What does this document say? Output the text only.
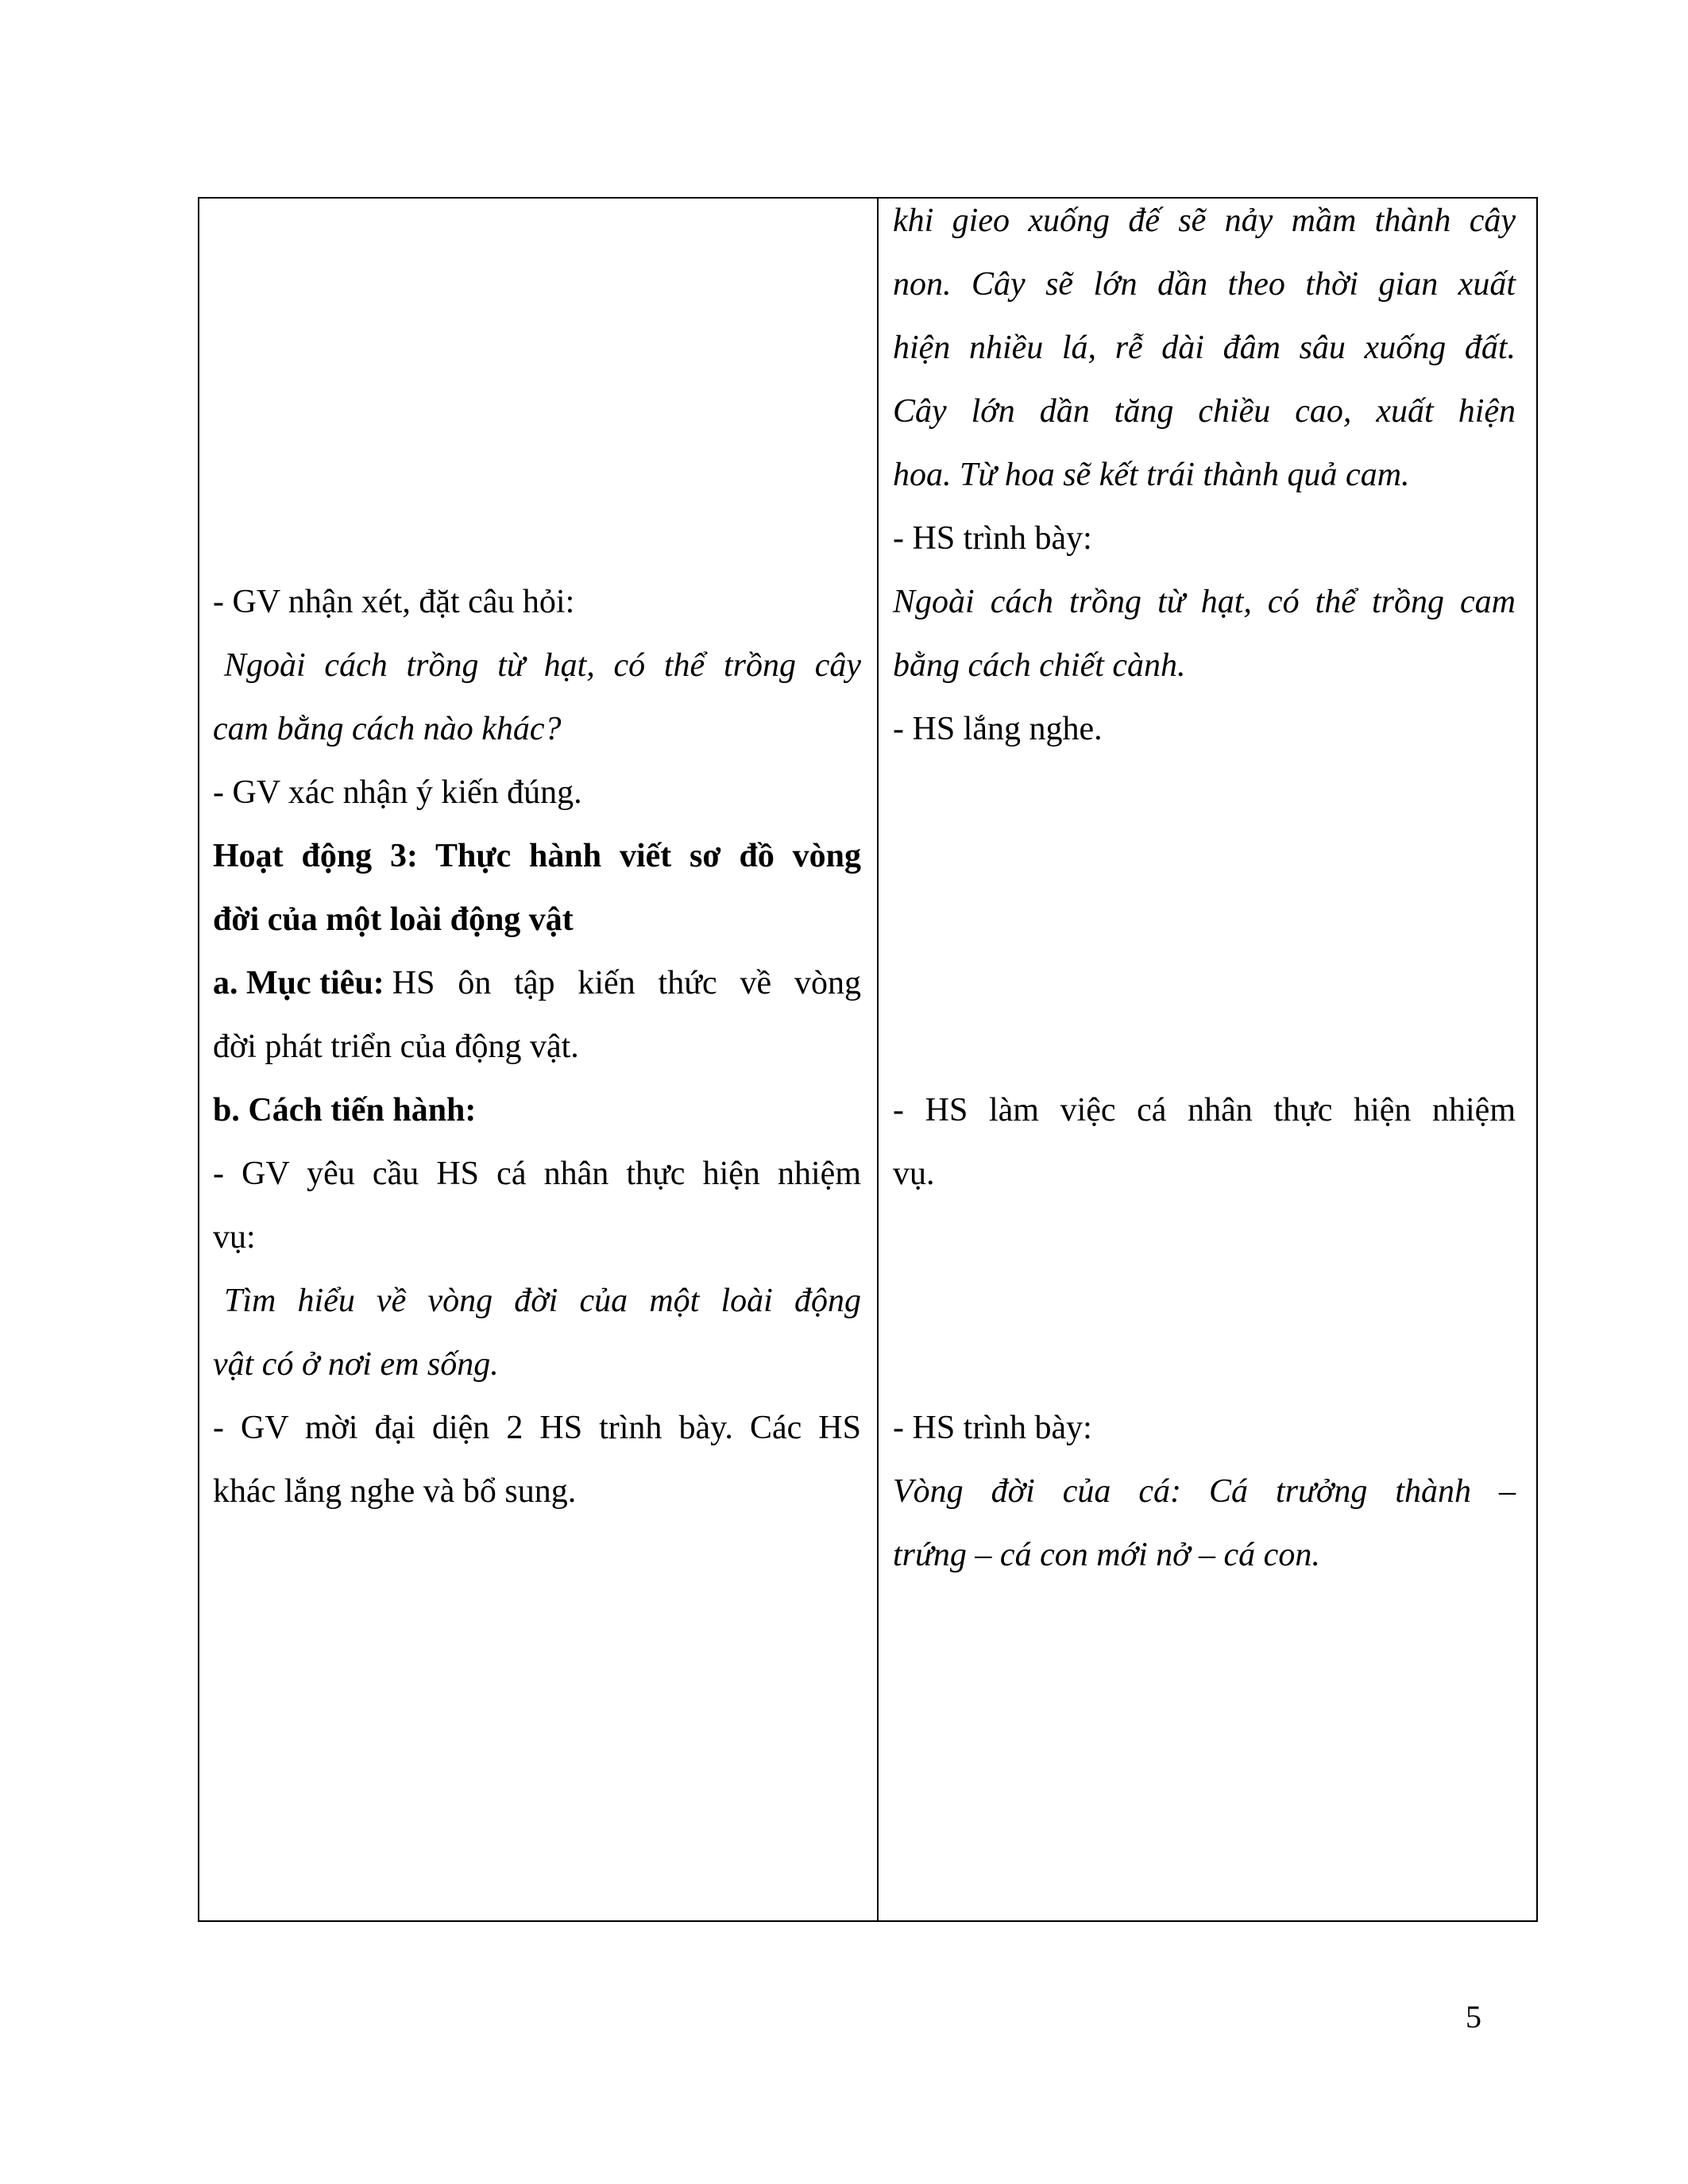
khi gieo xuống đế sẽ nảy mầm thành cây
non. Cây sẽ lớn dần theo thời gian xuất
hiện nhiều lá, rễ dài đâm sâu xuống đất.
Cây lớn dần tăng chiều cao, xuất hiện
hoa. Từ hoa sẽ kết trái thành quả cam.
- HS trình bày:
Ngoài cách trồng từ hạt, có thể trồng cam
bằng cách chiết cành.
- HS lắng nghe.
- HS làm việc cá nhân thực hiện nhiệm
vụ.
- HS trình bày:
Vòng đời của cá: Cá trưởng thành –
trứng – cá con mới nở – cá con.
- GV nhận xét, đặt câu hỏi:
Ngoài cách trồng từ hạt, có thể trồng cây
cam bằng cách nào khác?
- GV xác nhận ý kiến đúng.
Hoạt động 3: Thực hành viết sơ đồ vòng
đời của một loài động vật
a. Mục tiêu: HS ôn tập kiến thức về vòng
đời phát triển của động vật.
b. Cách tiến hành:
- GV yêu cầu HS cá nhân thực hiện nhiệm
vụ:
Tìm hiểu về vòng đời của một loài động
vật có ở nơi em sống.
- GV mời đại diện 2 HS trình bày. Các HS
khác lắng nghe và bổ sung.
5
